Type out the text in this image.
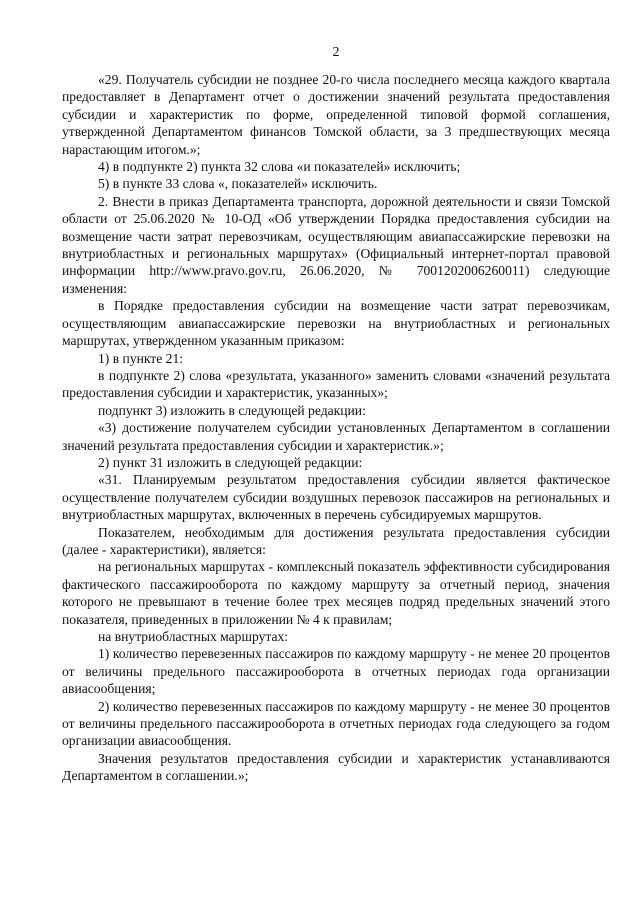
2

«29. Получатель субсидии не позднее 20-го числа последнего месяца каждого квартала предоставляет в Департамент отчет о достижении значений результата предоставления субсидии и характеристик по форме, определенной типовой формой соглашения, утвержденной Департаментом финансов Томской области, за 3 предшествующих месяца нарастающим итогом.»;

4) в подпункте 2) пункта 32 слова «и показателей» исключить;

5) в пункте 33 слова «, показателей» исключить.

2. Внести в приказ Департамента транспорта, дорожной деятельности и связи Томской области от 25.06.2020 № 10-ОД «Об утверждении Порядка предоставления субсидии на возмещение части затрат перевозчикам, осуществляющим авиапассажирские перевозки на внутриобластных и региональных маршрутах» (Официальный интернет-портал правовой информации http://www.pravo.gov.ru, 26.06.2020, № 7001202006260011) следующие изменения:

в Порядке предоставления субсидии на возмещение части затрат перевозчикам, осуществляющим авиапассажирские перевозки на внутриобластных и региональных маршрутах, утвержденном указанным приказом:

1) в пункте 21:

в подпункте 2) слова «результата, указанного» заменить словами «значений результата предоставления субсидии и характеристик, указанных»;

подпункт 3) изложить в следующей редакции:

«3) достижение получателем субсидии установленных Департаментом в соглашении значений результата предоставления субсидии и характеристик.»;

2) пункт 31 изложить в следующей редакции:

«31. Планируемым результатом предоставления субсидии является фактическое осуществление получателем субсидии воздушных перевозок пассажиров на региональных и внутриобластных маршрутах, включенных в перечень субсидируемых маршрутов.

Показателем, необходимым для достижения результата предоставления субсидии (далее - характеристики), является:

на региональных маршрутах - комплексный показатель эффективности субсидирования фактического пассажирооборота по каждому маршруту за отчетный период, значения которого не превышают в течение более трех месяцев подряд предельных значений этого показателя, приведенных в приложении № 4 к правилам;

на внутриобластных маршрутах:

1) количество перевезенных пассажиров по каждому маршруту - не менее 20 процентов от величины предельного пассажирооборота в отчетных периодах года организации авиасообщения;

2) количество перевезенных пассажиров по каждому маршруту - не менее 30 процентов от величины предельного пассажирооборота в отчетных периодах года следующего за годом организации авиасообщения.

Значения результатов предоставления субсидии и характеристик устанавливаются Департаментом в соглашении.»;
